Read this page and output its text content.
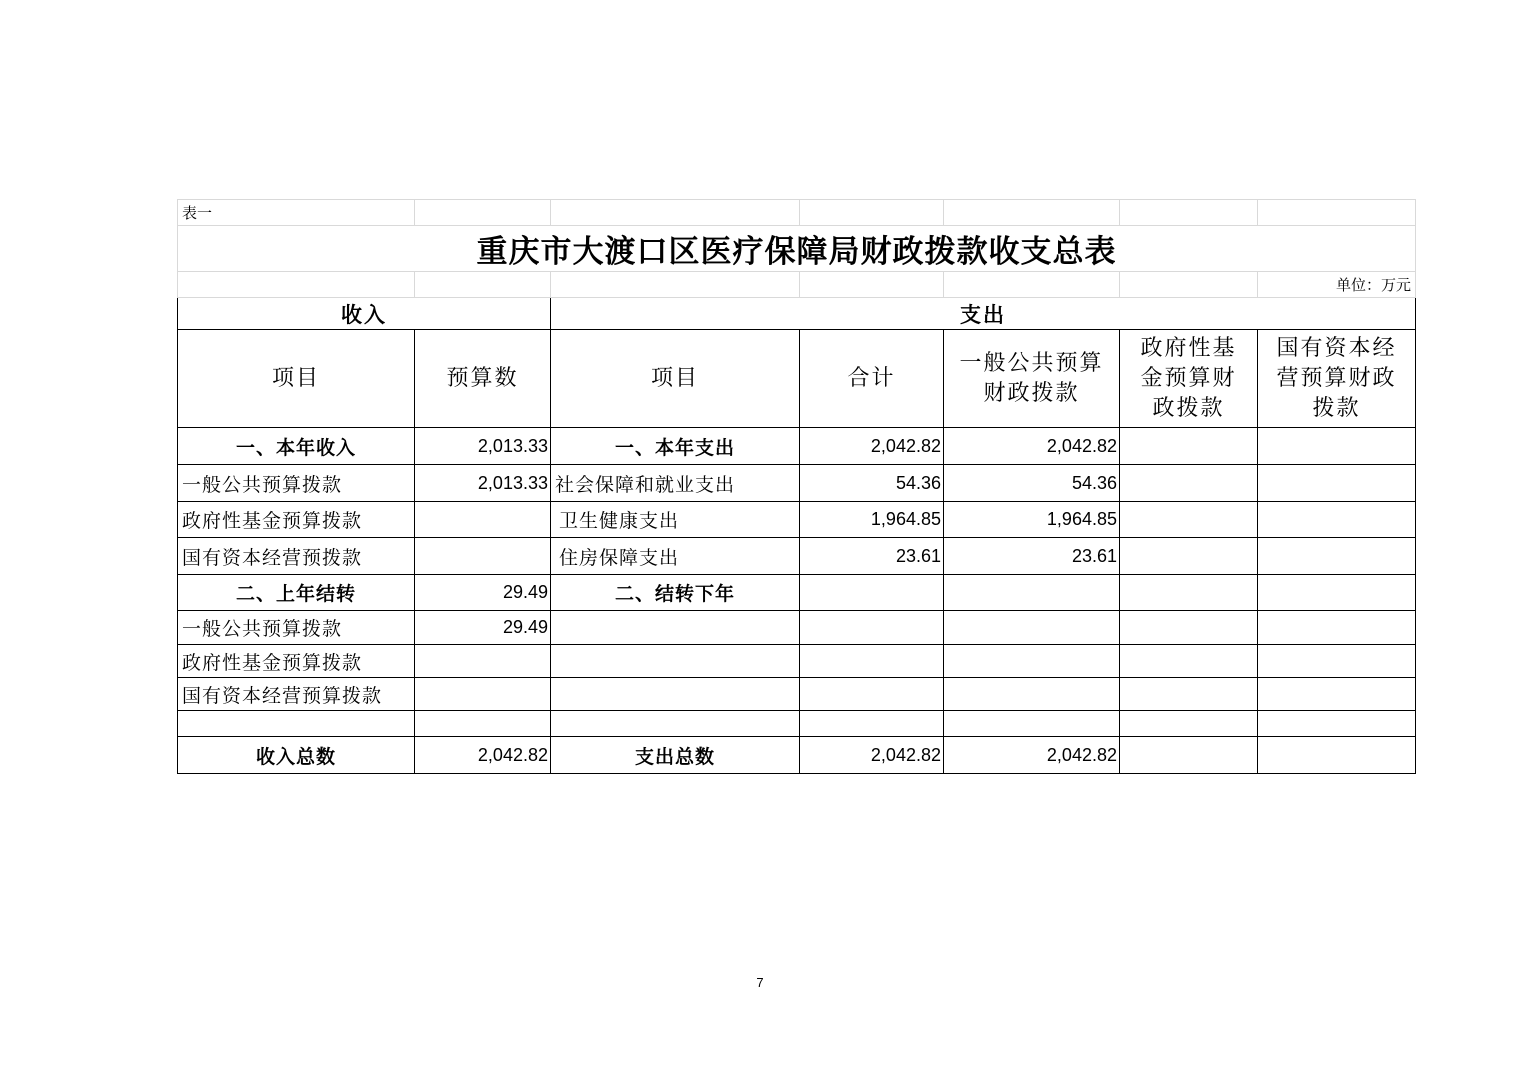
表一						
重庆市大渡口区医疗保障局财政拨款收支总表						
						单位：万元
收入		支出				
项目	预算数	项目	合计	一般公共预算财政拨款	政府性基金预算财政拨款	国有资本经营预算财政拨款
一、本年收入	2,013.33	一、本年支出	2,042.82	2,042.82		
一般公共预算拨款	2,013.33	社会保障和就业支出	54.36	54.36		
政府性基金预算拨款		卫生健康支出	1,964.85	1,964.85		
国有资本经营预拨款		住房保障支出	23.61	23.61		
二、上年结转	29.49	二、结转下年				
一般公共预算拨款	29.49					
政府性基金预算拨款						
国有资本经营预算拨款						

收入总数	2,042.82	支出总数	2,042.82	2,042.82		
7
